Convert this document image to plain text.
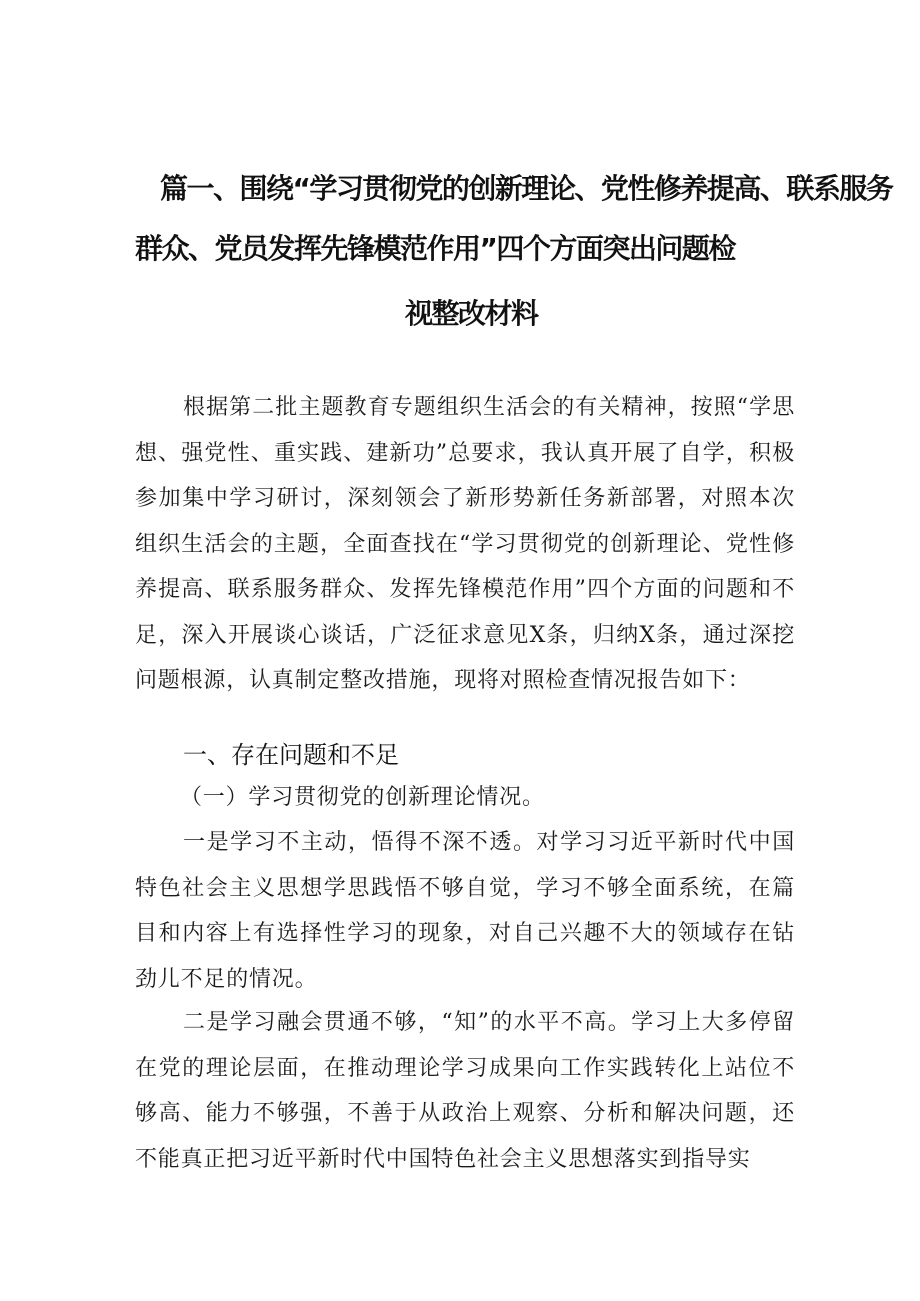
篇一、围绕“学习贯彻党的创新理论、党性修养提高、联系服务
群众、党员发挥先锋模范作用”四个方面突出问题检
视整改材料

根据第二批主题教育专题组织生活会的有关精神，按照“学思想、强党性、重实践、建新功”总要求，我认真开展了自学，积极参加集中学习研讨，深刻领会了新形势新任务新部署，对照本次组织生活会的主题，全面查找在“学习贯彻党的创新理论、党性修养提高、联系服务群众、发挥先锋模范作用”四个方面的问题和不足，深入开展谈心谈话，广泛征求意见X条，归纳X条，通过深挖问题根源，认真制定整改措施，现将对照检查情况报告如下：

一、存在问题和不足
（一）学习贯彻党的创新理论情况。

一是学习不主动，悟得不深不透。对学习习近平新时代中国特色社会主义思想学思践悟不够自觉，学习不够全面系统，在篇目和内容上有选择性学习的现象，对自己兴趣不大的领域存在钻劲儿不足的情况。

二是学习融会贯通不够，“知”的水平不高。学习上大多停留在党的理论层面，在推动理论学习成果向工作实践转化上站位不够高、能力不够强，不善于从政治上观察、分析和解决问题，还不能真正把习近平新时代中国特色社会主义思想落实到指导实
